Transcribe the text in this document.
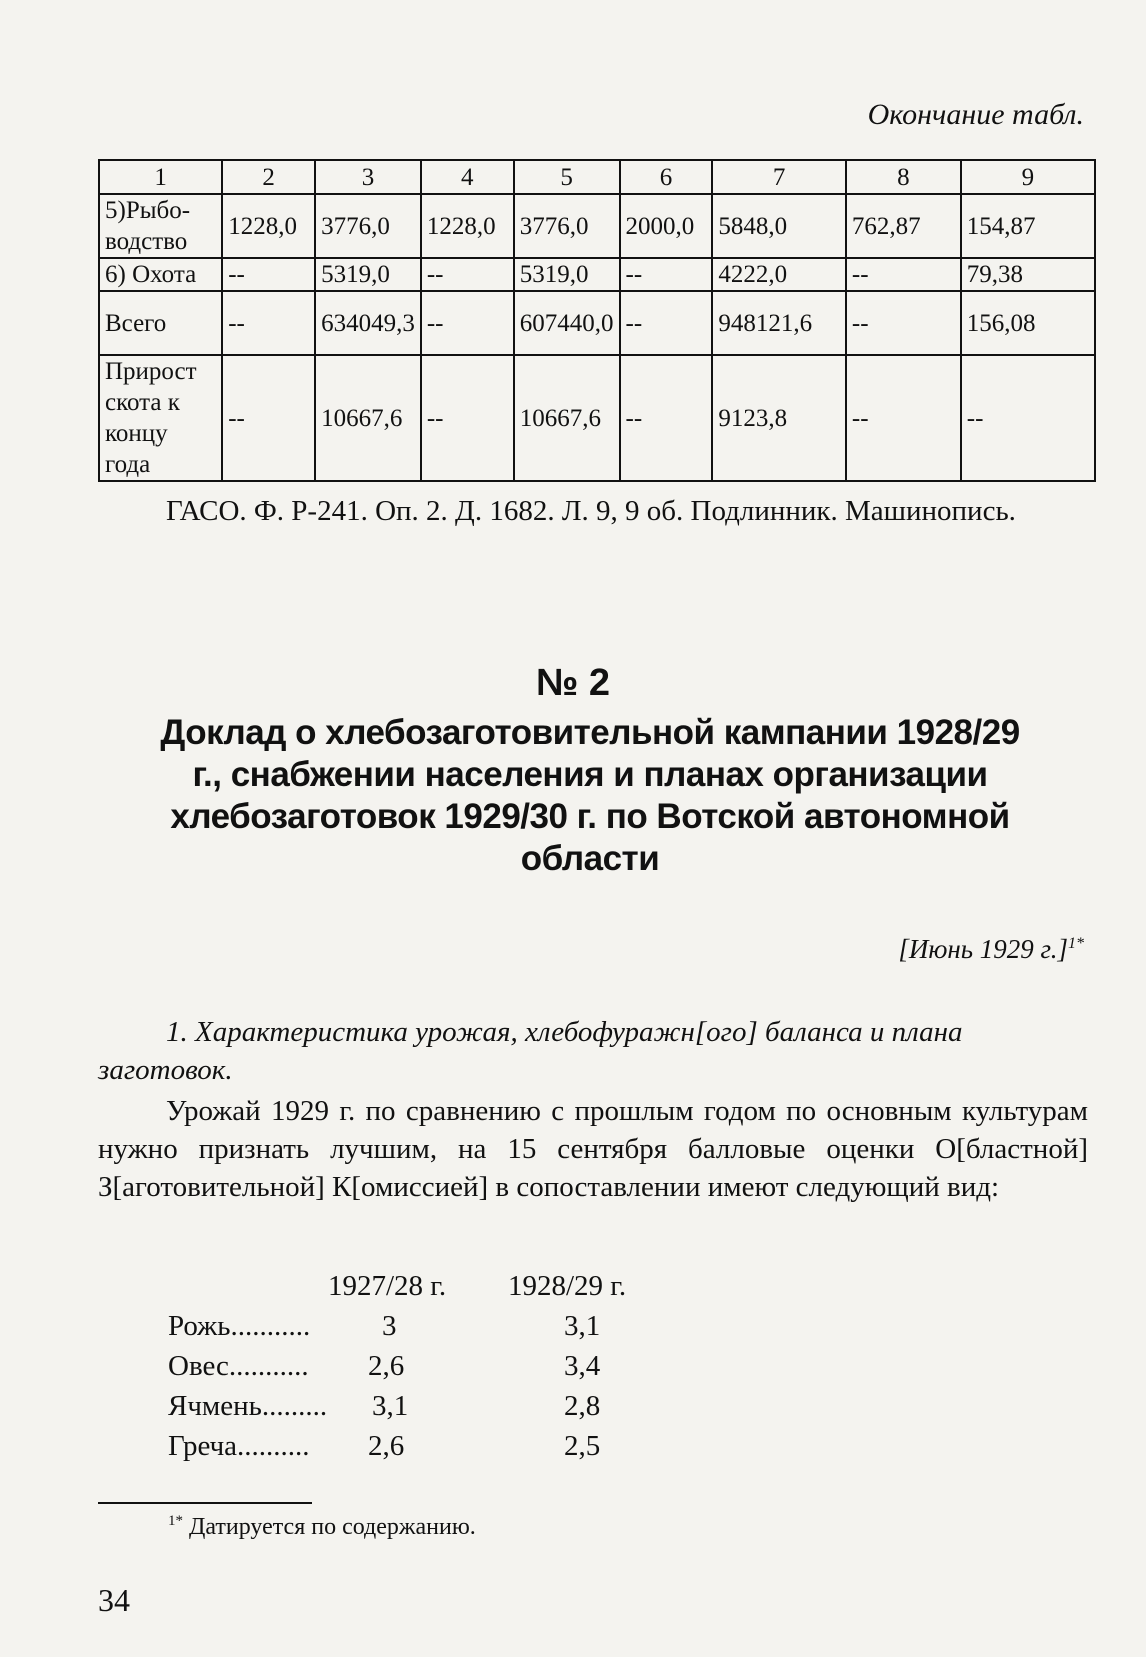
Окончание табл.
1	2	3	4	5	6	7	8	9
5)Рыбо-водство	1228,0	3776,0	1228,0	3776,0	2000,0	5848,0	762,87	154,87
6) Охота	--	5319,0	--	5319,0	--	4222,0	--	79,38
Всего	--	634049,3	--	607440,0	--	948121,6	--	156,08
Прирост скота к концу года	--	10667,6	--	10667,6	--	9123,8	--	--
ГАСО. Ф. Р-241. Оп. 2. Д. 1682. Л. 9, 9 об. Подлинник. Машинопись.
№ 2
Доклад о хлебозаготовительной кампании 1928/29 г., снабжении населения и планах организации хлебозаготовок 1929/30 г. по Вотской автономной области
[Июнь 1929 г.]$^{1*}$
1. Характеристика урожая, хлебофуражн[ого] баланса и плана заготовок.
Урожай 1929 г. по сравнению с прошлым годом по основным культурам нужно признать лучшим, на 15 сентября балловые оценки О[бластной] З[аготовительной] К[омиссией] в сопоставлении имеют следующий вид:
1927/28 г. 1928/29 г.
Рожь........... 3	3,1
Овес........... 2,6	3,4
Ячмень......... 3,1	2,8
Греча.......... 2,6	2,5
$^{1*}$ Датируется по содержанию.
34
